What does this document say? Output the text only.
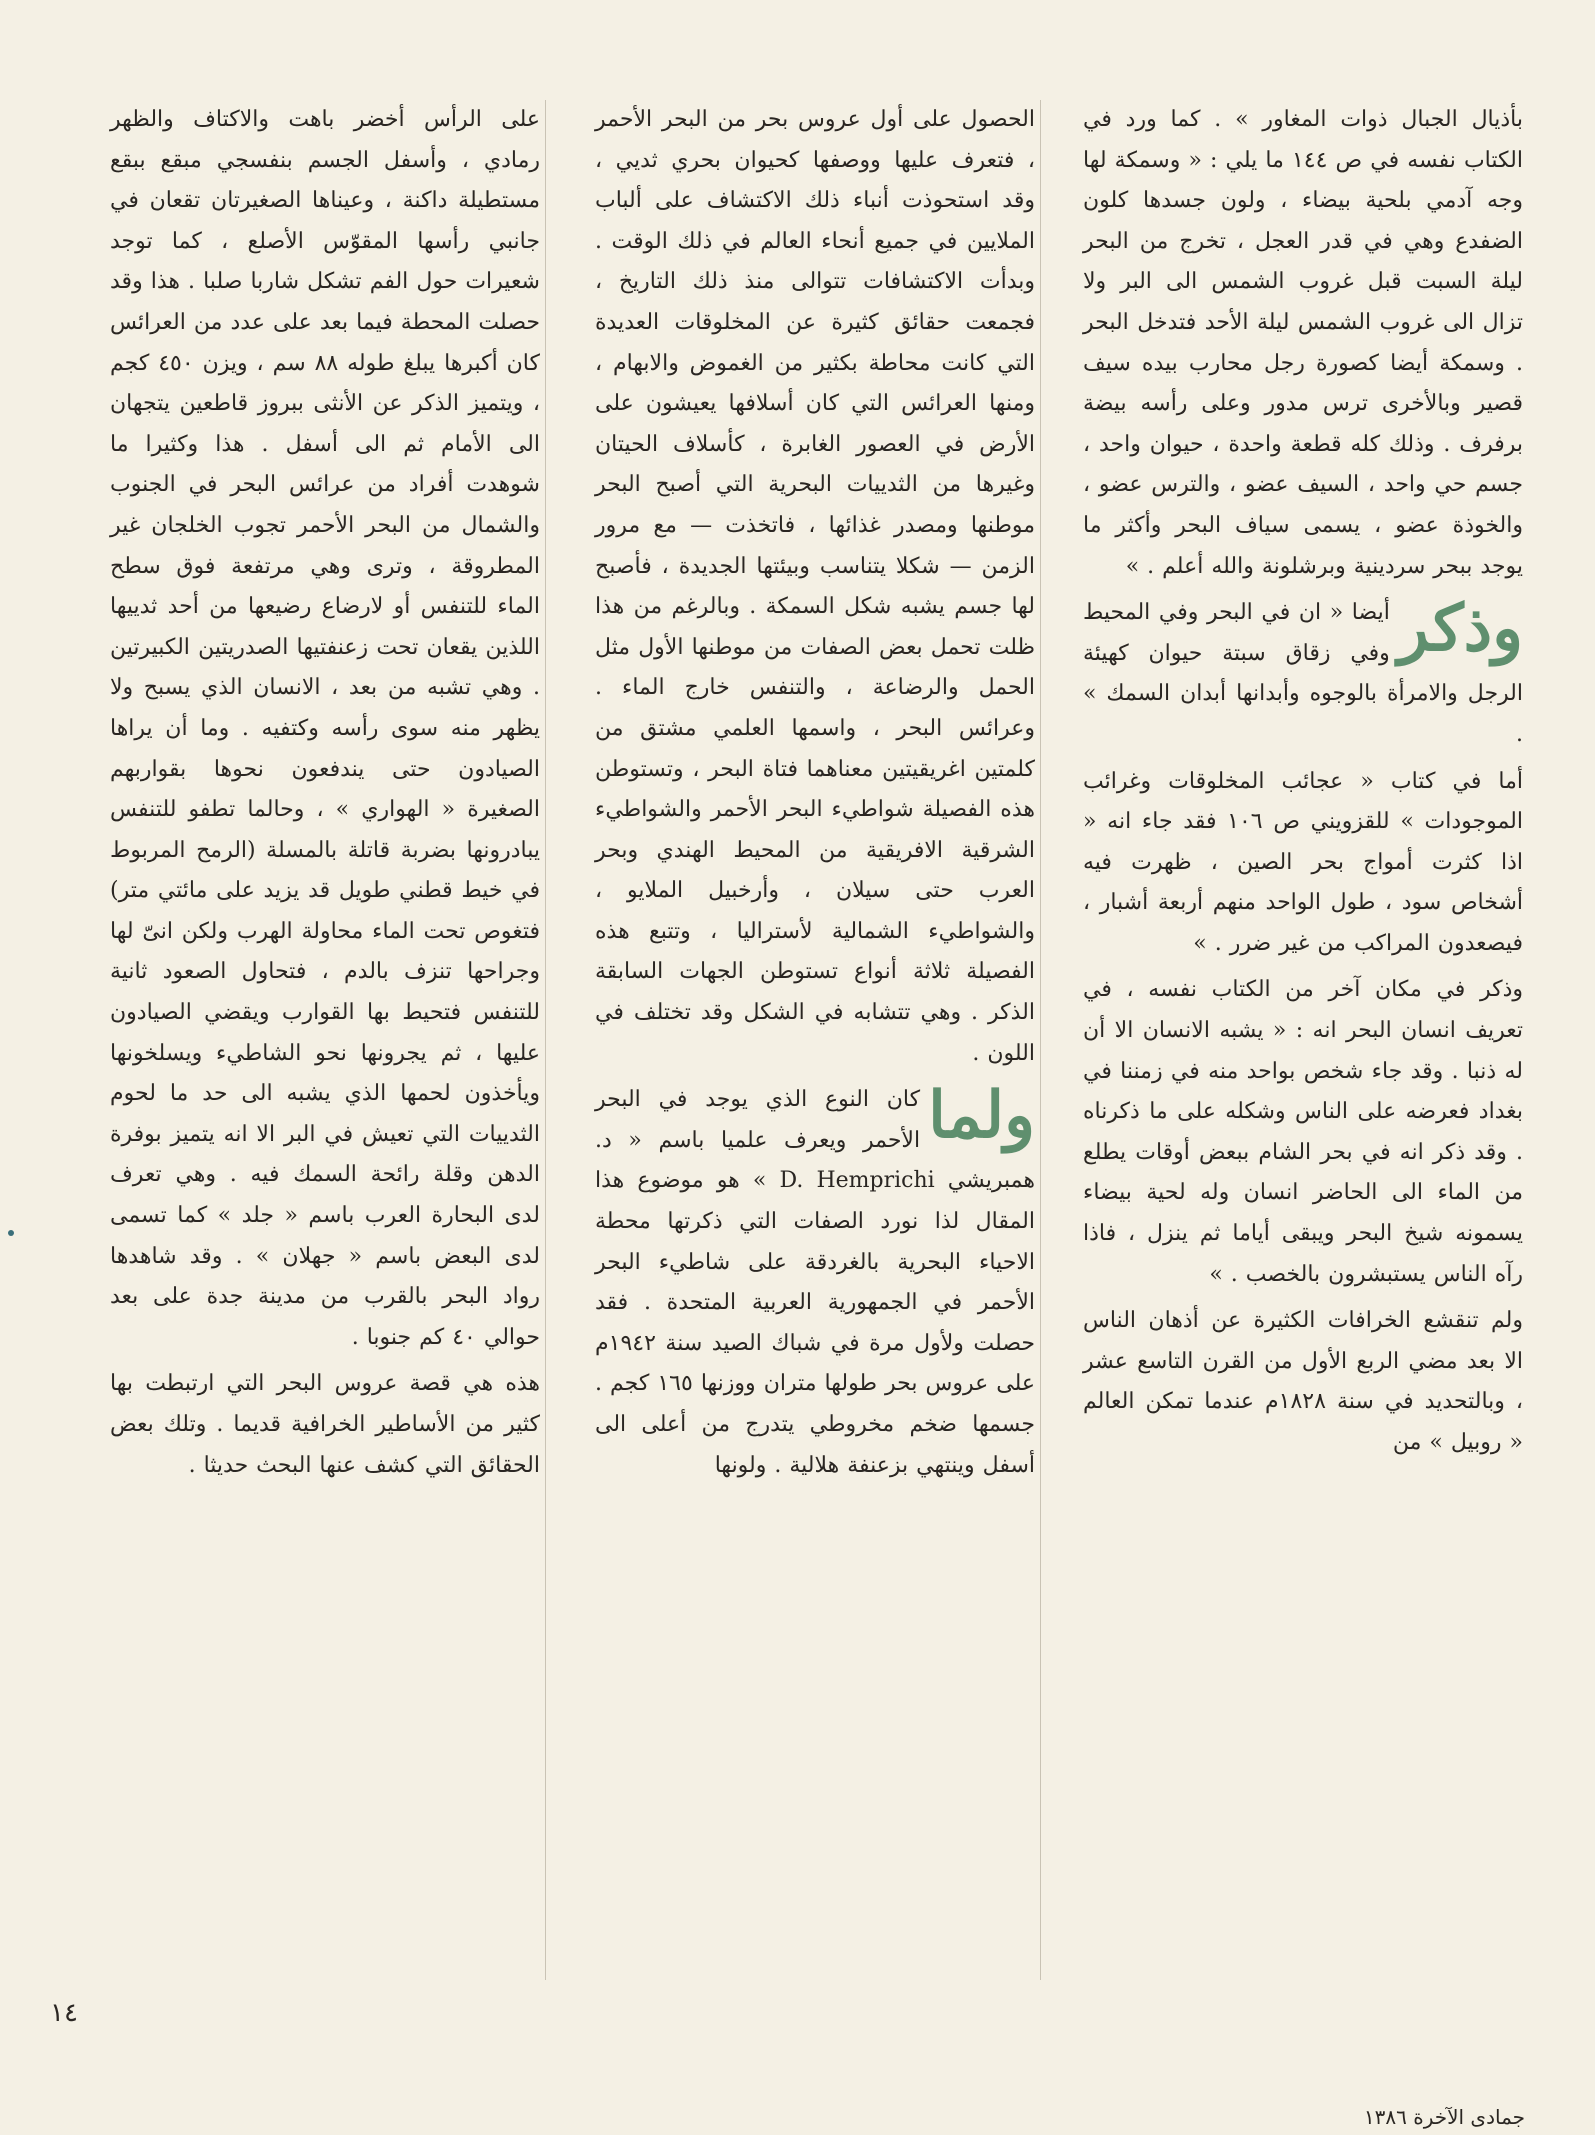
بأذيال الجبال ذوات المغاور » . كما ورد في الكتاب نفسه في ص ١٤٤ ما يلي : « وسمكة لها وجه آدمي بلحية بيضاء ، ولون جسدها كلون الضفدع وهي في قدر العجل ، تخرج من البحر ليلة السبت قبل غروب الشمس الى البر ولا تزال الى غروب الشمس ليلة الأحد فتدخل البحر . وسمكة أيضا كصورة رجل محارب بيده سيف قصير وبالأخرى ترس مدور وعلى رأسه بيضة برفرف . وذلك كله قطعة واحدة ، حيوان واحد ، جسم حي واحد ، السيف عضو ، والترس عضو ، والخوذة عضو ، يسمى سياف البحر وأكثر ما يوجد ببحر سردينية وبرشلونة والله أعلم . »

وذكر
أيضا « ان في البحر وفي المحيط وفي زقاق سبتة حيوان كهيئة الرجل والامرأة بالوجوه وأبدانها أبدان السمك » .

أما في كتاب « عجائب المخلوقات وغرائب الموجودات » للقزويني ص ١٠٦ فقد جاء انه « اذا كثرت أمواج بحر الصين ، ظهرت فيه أشخاص سود ، طول الواحد منهم أربعة أشبار ، فيصعدون المراكب من غير ضرر . »

وذكر في مكان آخر من الكتاب نفسه ، في تعريف انسان البحر انه : « يشبه الانسان الا أن له ذنبا . وقد جاء شخص بواحد منه في زمننا في بغداد فعرضه على الناس وشكله على ما ذكرناه . وقد ذكر انه في بحر الشام ببعض أوقات يطلع من الماء الى الحاضر انسان وله لحية بيضاء يسمونه شيخ البحر ويبقى أياما ثم ينزل ، فاذا رآه الناس يستبشرون بالخصب . »

ولم تنقشع الخرافات الكثيرة عن أذهان الناس الا بعد مضي الربع الأول من القرن التاسع عشر ، وبالتحديد في سنة ١٨٢٨م عندما تمكن العالم « روبيل » من

الحصول على أول عروس بحر من البحر الأحمر ، فتعرف عليها ووصفها كحيوان بحري ثديي ، وقد استحوذت أنباء ذلك الاكتشاف على ألباب الملايين في جميع أنحاء العالم في ذلك الوقت . وبدأت الاكتشافات تتوالى منذ ذلك التاريخ ، فجمعت حقائق كثيرة عن المخلوقات العديدة التي كانت محاطة بكثير من الغموض والابهام ، ومنها العرائس التي كان أسلافها يعيشون على الأرض في العصور الغابرة ، كأسلاف الحيتان وغيرها من الثدييات البحرية التي أصبح البحر موطنها ومصدر غذائها ، فاتخذت — مع مرور الزمن — شكلا يتناسب وبيئتها الجديدة ، فأصبح لها جسم يشبه شكل السمكة . وبالرغم من هذا ظلت تحمل بعض الصفات من موطنها الأول مثل الحمل والرضاعة ، والتنفس خارج الماء . وعرائس البحر ، واسمها العلمي مشتق من كلمتين اغريقيتين معناهما فتاة البحر ، وتستوطن هذه الفصيلة شواطيء البحر الأحمر والشواطيء الشرقية الافريقية من المحيط الهندي وبحر العرب حتى سيلان ، وأرخبيل الملايو ، والشواطيء الشمالية لأستراليا ، وتتبع هذه الفصيلة ثلاثة أنواع تستوطن الجهات السابقة الذكر . وهي تتشابه في الشكل وقد تختلف في اللون .

ولما
كان النوع الذي يوجد في البحر الأحمر ويعرف علميا باسم « د. همبريشي D. Hemprichi » هو موضوع هذا المقال لذا نورد الصفات التي ذكرتها محطة الاحياء البحرية بالغردقة على شاطيء البحر الأحمر في الجمهورية العربية المتحدة . فقد حصلت ولأول مرة في شباك الصيد سنة ١٩٤٢م على عروس بحر طولها متران ووزنها ١٦٥ كجم . جسمها ضخم مخروطي يتدرج من أعلى الى أسفل وينتهي بزعنفة هلالية . ولونها

على الرأس أخضر باهت والاكتاف والظهر رمادي ، وأسفل الجسم بنفسجي مبقع ببقع مستطيلة داكنة ، وعيناها الصغيرتان تقعان في جانبي رأسها المقوّس الأصلع ، كما توجد شعيرات حول الفم تشكل شاربا صلبا . هذا وقد حصلت المحطة فيما بعد على عدد من العرائس كان أكبرها يبلغ طوله ٨٨ سم ، ويزن ٤٥٠ كجم ، ويتميز الذكر عن الأنثى ببروز قاطعين يتجهان الى الأمام ثم الى أسفل . هذا وكثيرا ما شوهدت أفراد من عرائس البحر في الجنوب والشمال من البحر الأحمر تجوب الخلجان غير المطروقة ، وترى وهي مرتفعة فوق سطح الماء للتنفس أو لارضاع رضيعها من أحد ثدييها اللذين يقعان تحت زعنفتيها الصدريتين الكبيرتين . وهي تشبه من بعد ، الانسان الذي يسبح ولا يظهر منه سوى رأسه وكتفيه . وما أن يراها الصيادون حتى يندفعون نحوها بقواربهم الصغيرة « الهواري » ، وحالما تطفو للتنفس يبادرونها بضربة قاتلة بالمسلة (الرمح المربوط في خيط قطني طويل قد يزيد على مائتي متر) فتغوص تحت الماء محاولة الهرب ولكن انىّ لها وجراحها تنزف بالدم ، فتحاول الصعود ثانية للتنفس فتحيط بها القوارب ويقضي الصيادون عليها ، ثم يجرونها نحو الشاطيء ويسلخونها ويأخذون لحمها الذي يشبه الى حد ما لحوم الثدييات التي تعيش في البر الا انه يتميز بوفرة الدهن وقلة رائحة السمك فيه . وهي تعرف لدى البحارة العرب باسم « جلد » كما تسمى لدى البعض باسم « جهلان » . وقد شاهدها رواد البحر بالقرب من مدينة جدة على بعد حوالي ٤٠ كم جنوبا .

هذه هي قصة عروس البحر التي ارتبطت بها كثير من الأساطير الخرافية قديما . وتلك بعض الحقائق التي كشف عنها البحث حديثا .

١٤
جمادى الآخرة ١٣٨٦
